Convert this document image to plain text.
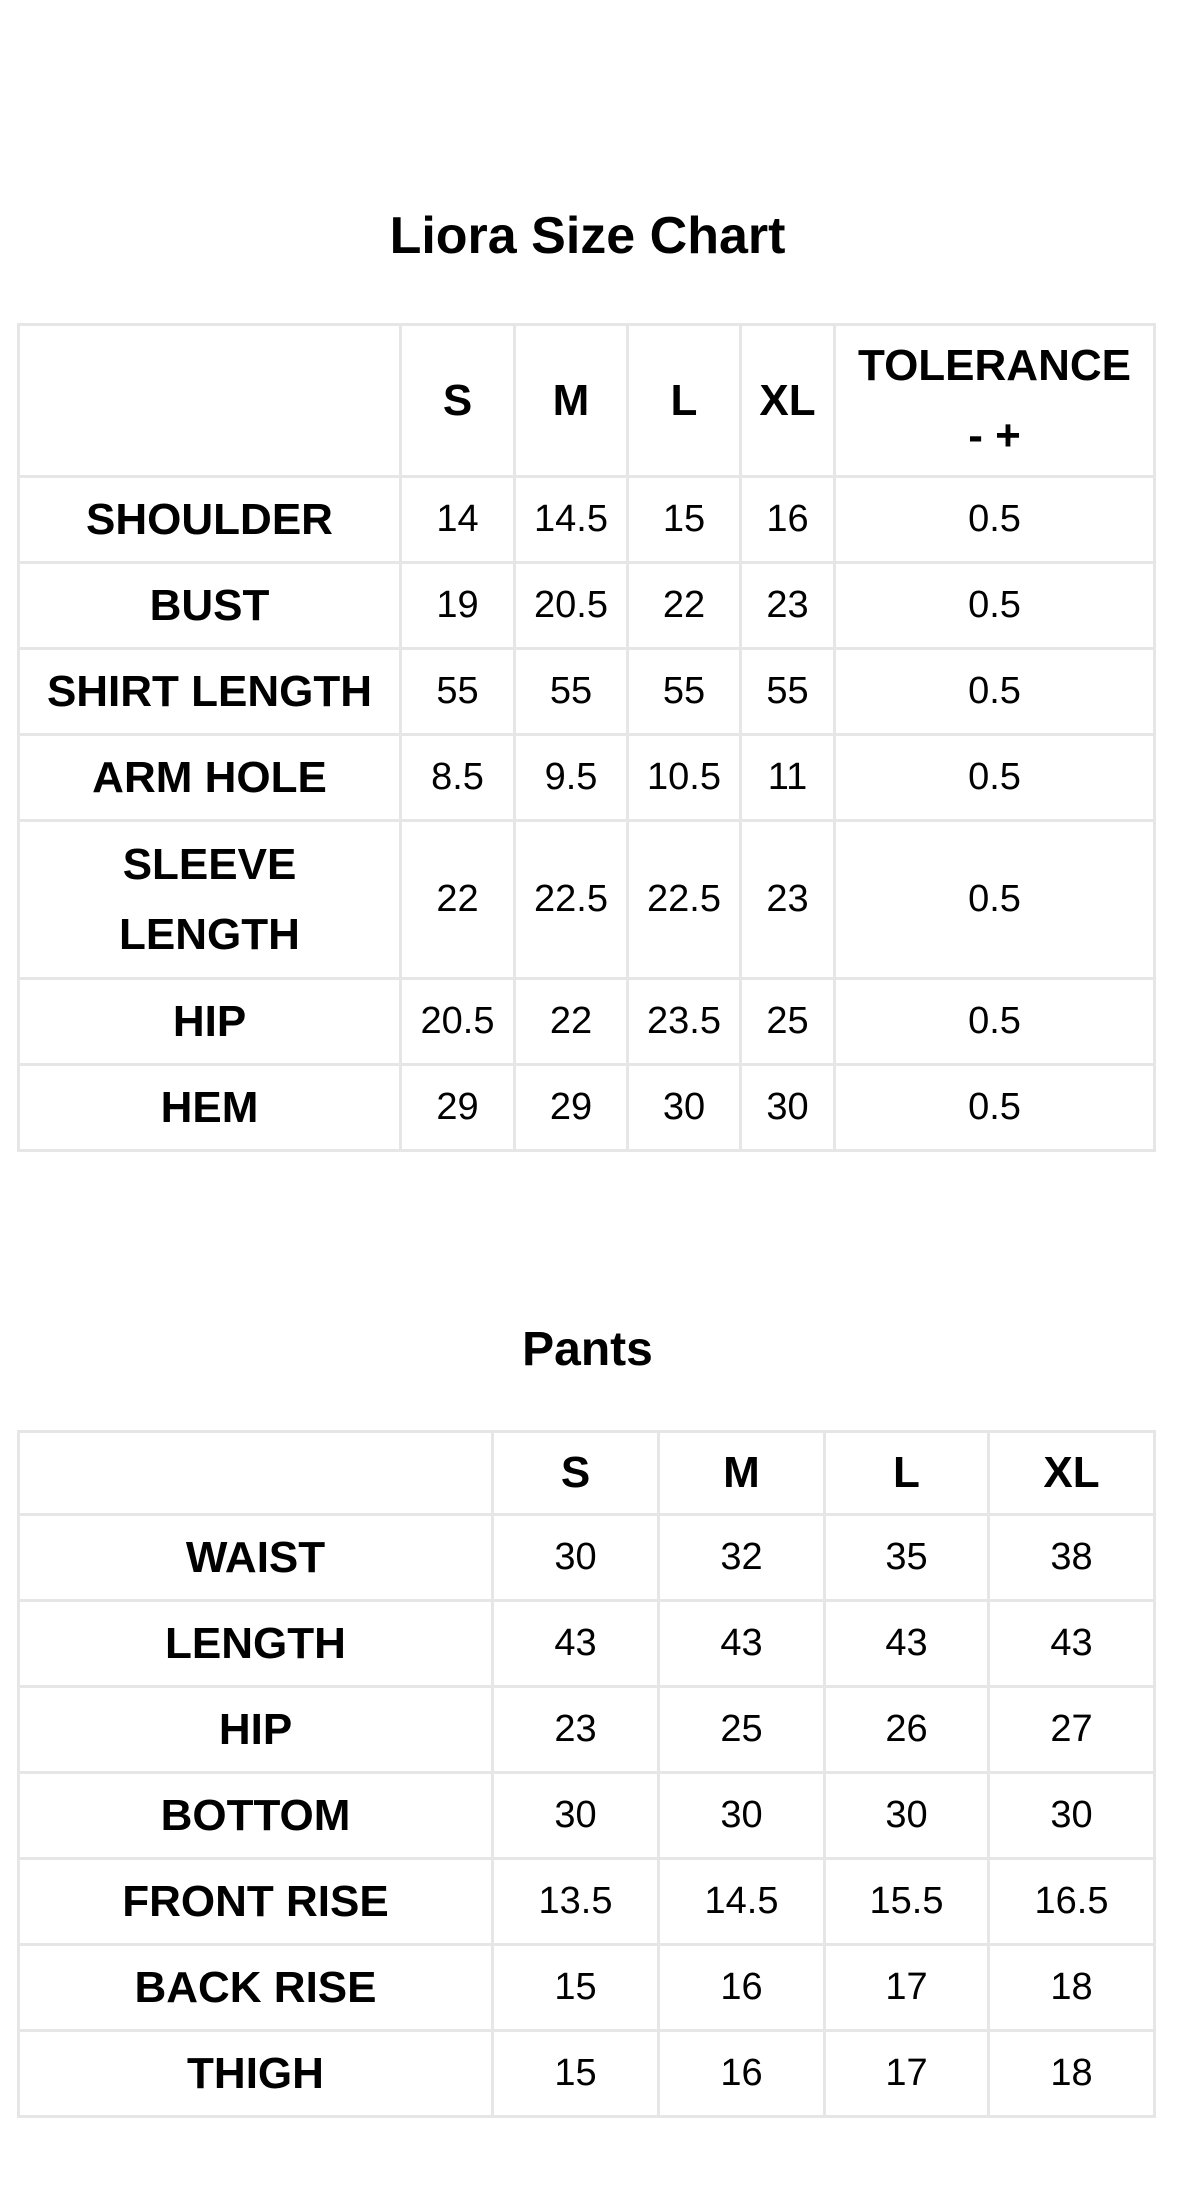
Liora Size Chart
	S	M	L	XL	TOLERANCE
- +

SHOULDER	14	14.5	15	16	0.5
BUST	19	20.5	22	23	0.5
SHIRT LENGTH	55	55	55	55	0.5
ARM HOLE	8.5	9.5	10.5	11	0.5
SLEEVE LENGTH	22	22.5	22.5	23	0.5
HIP	20.5	22	23.5	25	0.5
HEM	29	29	30	30	0.5
Pants
	S	M	L	XL
WAIST	30	32	35	38
LENGTH	43	43	43	43
HIP	23	25	26	27
BOTTOM	30	30	30	30
FRONT RISE	13.5	14.5	15.5	16.5
BACK RISE	15	16	17	18
THIGH	15	16	17	18
